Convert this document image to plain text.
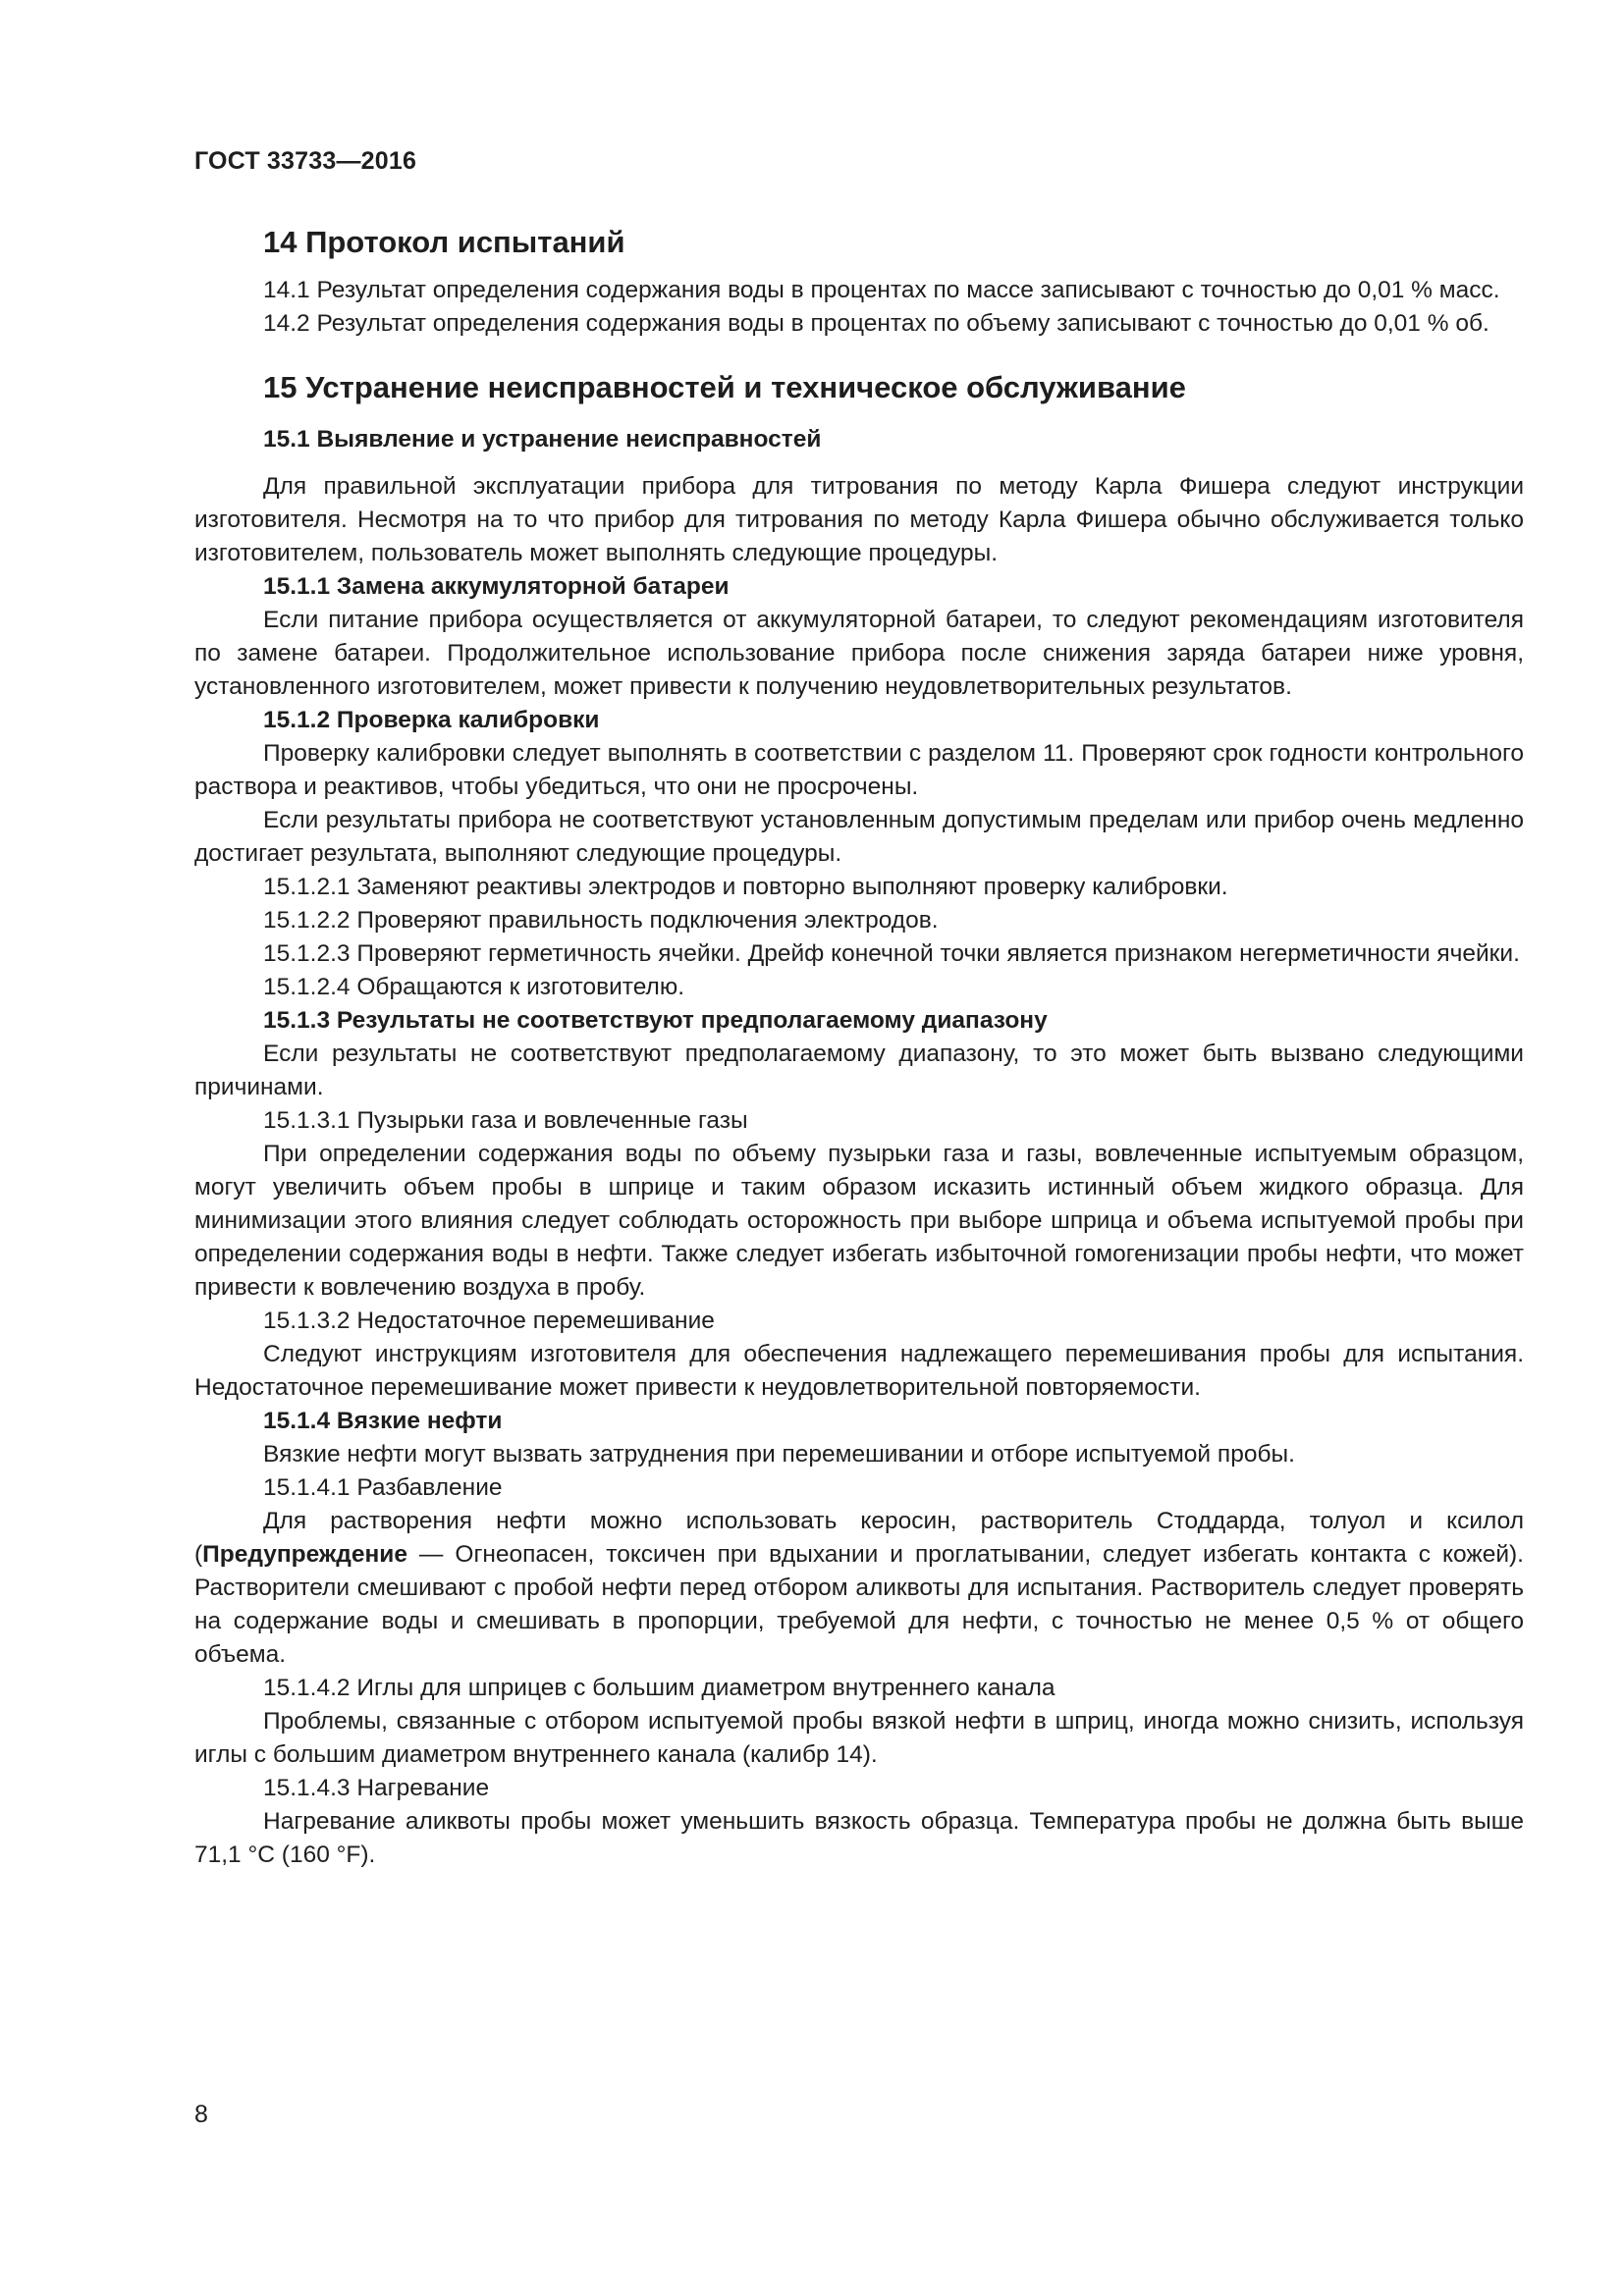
ГОСТ 33733—2016
14 Протокол испытаний

14.1 Результат определения содержания воды в процентах по массе записывают с точностью до 0,01 % масс.

14.2 Результат определения содержания воды в процентах по объему записывают с точностью до 0,01 % об.

15 Устранение неисправностей и техническое обслуживание
15.1 Выявление и устранение неисправностей

Для правильной эксплуатации прибора для титрования по методу Карла Фишера следуют инструкции изготовителя. Несмотря на то что прибор для титрования по методу Карла Фишера обычно обслуживается только изготовителем, пользователь может выполнять следующие процедуры.

15.1.1 Замена аккумуляторной батареи

Если питание прибора осуществляется от аккумуляторной батареи, то следуют рекомендациям изготовителя по замене батареи. Продолжительное использование прибора после снижения заряда батареи ниже уровня, установленного изготовителем, может привести к получению неудовлетворительных результатов.

15.1.2 Проверка калибровки

Проверку калибровки следует выполнять в соответствии с разделом 11. Проверяют срок годности контрольного раствора и реактивов, чтобы убедиться, что они не просрочены.

Если результаты прибора не соответствуют установленным допустимым пределам или прибор очень медленно достигает результата, выполняют следующие процедуры.

15.1.2.1 Заменяют реактивы электродов и повторно выполняют проверку калибровки.

15.1.2.2 Проверяют правильность подключения электродов.

15.1.2.3 Проверяют герметичность ячейки. Дрейф конечной точки является признаком негерметичности ячейки.

15.1.2.4 Обращаются к изготовителю.

15.1.3 Результаты не соответствуют предполагаемому диапазону

Если результаты не соответствуют предполагаемому диапазону, то это может быть вызвано следующими причинами.

15.1.3.1 Пузырьки газа и вовлеченные газы

При определении содержания воды по объему пузырьки газа и газы, вовлеченные испытуемым образцом, могут увеличить объем пробы в шприце и таким образом исказить истинный объем жидкого образца. Для минимизации этого влияния следует соблюдать осторожность при выборе шприца и объема испытуемой пробы при определении содержания воды в нефти. Также следует избегать избыточной гомогенизации пробы нефти, что может привести к вовлечению воздуха в пробу.

15.1.3.2 Недостаточное перемешивание

Следуют инструкциям изготовителя для обеспечения надлежащего перемешивания пробы для испытания. Недостаточное перемешивание может привести к неудовлетворительной повторяемости.

15.1.4 Вязкие нефти

Вязкие нефти могут вызвать затруднения при перемешивании и отборе испытуемой пробы.

15.1.4.1 Разбавление

Для растворения нефти можно использовать керосин, растворитель Стоддарда, толуол и ксилол (Предупреждение — Огнеопасен, токсичен при вдыхании и проглатывании, следует избегать контакта с кожей). Растворители смешивают с пробой нефти перед отбором аликвоты для испытания. Растворитель следует проверять на содержание воды и смешивать в пропорции, требуемой для нефти, с точностью не менее 0,5 % от общего объема.

15.1.4.2 Иглы для шприцев с большим диаметром внутреннего канала

Проблемы, связанные с отбором испытуемой пробы вязкой нефти в шприц, иногда можно снизить, используя иглы с большим диаметром внутреннего канала (калибр 14).

15.1.4.3 Нагревание

Нагревание аликвоты пробы может уменьшить вязкость образца. Температура пробы не должна быть выше 71,1 °C (160 °F).

8
